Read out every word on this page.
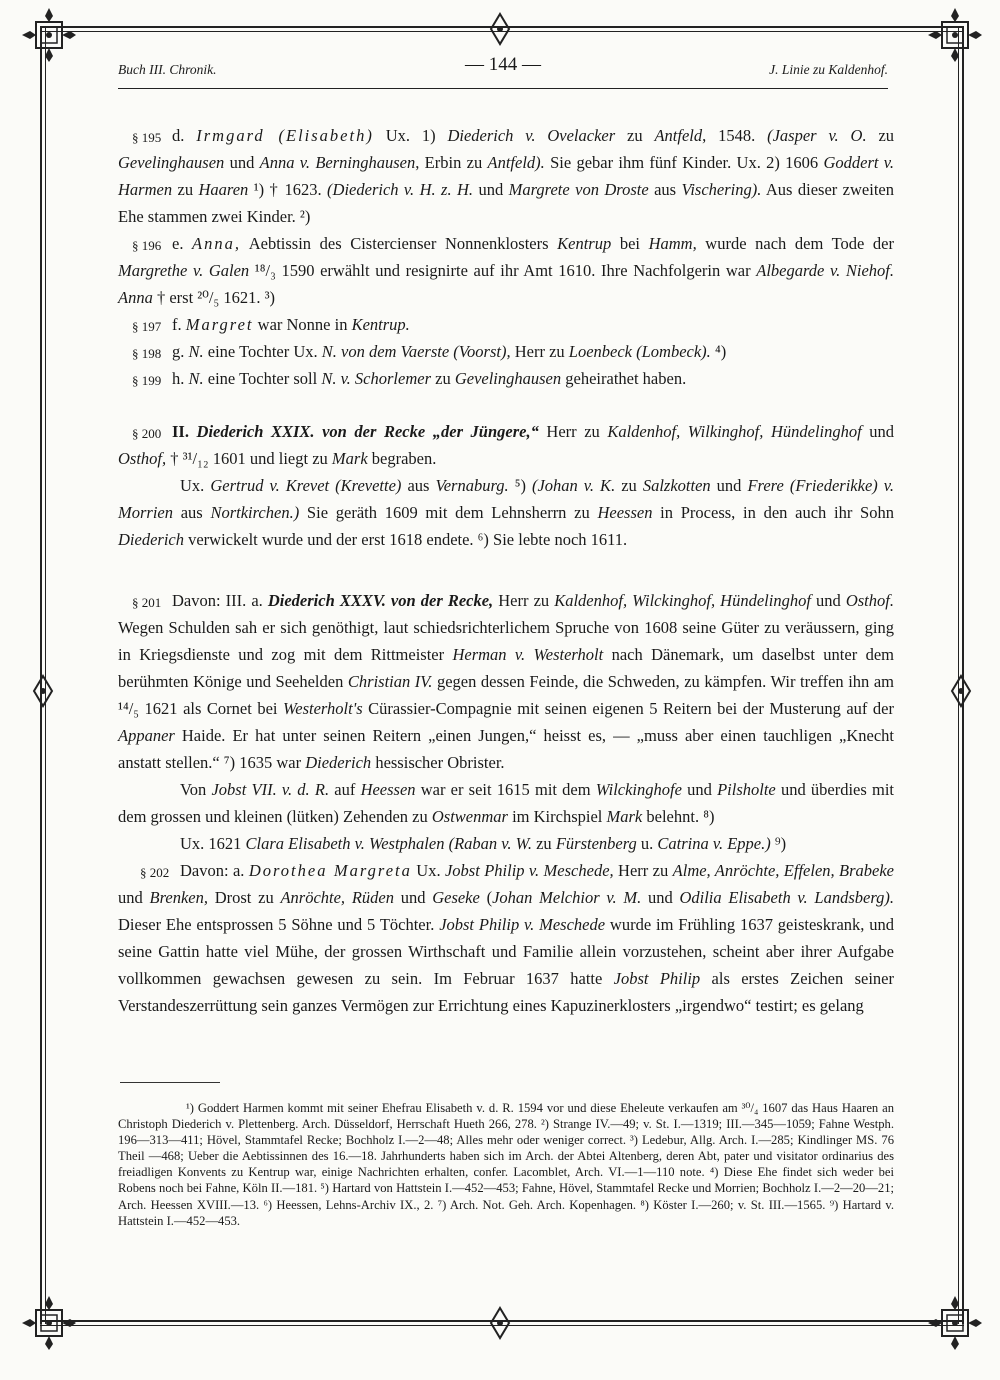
Buch III. Chronik.	— 144 —	J. Linie zu Kaldenhof.

§ 195 d. Irmgard (Elisabeth) Ux. 1) Diederich v. Ovelacker zu Antfeld, 1548. (Jasper v. O. zu Gevelinghausen und Anna v. Berninghausen, Erbin zu Antfeld). Sie gebar ihm fünf Kinder. Ux. 2) 1606 Goddert v. Harmen zu Haaren ¹) † 1623. (Diederich v. H. z. H. und Margrete von Droste aus Vischering). Aus dieser zweiten Ehe stammen zwei Kinder. ²)

§ 196 e. Anna, Aebtissin des Cistercienser Nonnenklosters Kentrup bei Hamm, wurde nach dem Tode der Margrethe v. Galen ¹⁸/₃ 1590 erwählt und resignirte auf ihr Amt 1610. Ihre Nachfolgerin war Albegarde v. Niehof. Anna † erst ²⁰/₅ 1621. ³)

§ 197 f. Margret war Nonne in Kentrup.

§ 198 g. N. eine Tochter Ux. N. von dem Vaerste (Voorst), Herr zu Loenbeck (Lombeck). ⁴)

§ 199 h. N. eine Tochter soll N. v. Schorlemer zu Gevelinghausen geheirathet haben.

§ 200 II. Diederich XXIX. von der Recke „der Jüngere,“ Herr zu Kaldenhof, Wilkinghof, Hündelinghof und Osthof, † ³¹/₁₂ 1601 und liegt zu Mark begraben.

Ux. Gertrud v. Krevet (Krevette) aus Vernaburg. ⁵) (Johan v. K. zu Salzkotten und Frere (Friederikke) v. Morrien aus Nortkirchen.) Sie geräth 1609 mit dem Lehnsherrn zu Heessen in Process, in den auch ihr Sohn Diederich verwickelt wurde und der erst 1618 endete. ⁶) Sie lebte noch 1611.

§ 201 Davon: III. a. Diederich XXXV. von der Recke, Herr zu Kaldenhof, Wilckinghof, Hündelinghof und Osthof. Wegen Schulden sah er sich genöthigt, laut schiedsrichterlichem Spruche von 1608 seine Güter zu veräussern, ging in Kriegsdienste und zog mit dem Rittmeister Herman v. Westerholt nach Dänemark, um daselbst unter dem berühmten Könige und Seehelden Christian IV. gegen dessen Feinde, die Schweden, zu kämpfen. Wir treffen ihn am ¹⁴/₅ 1621 als Cornet bei Westerholt's Cürassier-Compagnie mit seinen eigenen 5 Reitern bei der Musterung auf der Appaner Haide. Er hat unter seinen Reitern „einen Jungen,“ heisst es, — „muss aber einen tauchligen „Knecht anstatt stellen.“ ⁷) 1635 war Diederich hessischer Obrister.

Von Jobst VII. v. d. R. auf Heessen war er seit 1615 mit dem Wilckinghofe und Pilsholte und überdies mit dem grossen und kleinen (lütken) Zehenden zu Ostwenmar im Kirchspiel Mark belehnt. ⁸)

Ux. 1621 Clara Elisabeth v. Westphalen (Raban v. W. zu Fürstenberg u. Catrina v. Eppe.) ⁹)

§ 202 Davon: a. Dorothea Margreta Ux. Jobst Philip v. Meschede, Herr zu Alme, Anröchte, Effelen, Brabeke und Brenken, Drost zu Anröchte, Rüden und Geseke (Johan Melchior v. M. und Odilia Elisabeth v. Landsberg). Dieser Ehe entsprossen 5 Söhne und 5 Töchter. Jobst Philip v. Meschede wurde im Frühling 1637 geisteskrank, und seine Gattin hatte viel Mühe, der grossen Wirthschaft und Familie allein vorzustehen, scheint aber ihrer Aufgabe vollkommen gewachsen gewesen zu sein. Im Februar 1637 hatte Jobst Philip als erstes Zeichen seiner Verstandeszerrüttung sein ganzes Vermögen zur Errichtung eines Kapuzinerklosters „irgendwo“ testirt; es gelang

¹) Goddert Harmen kommt mit seiner Ehefrau Elisabeth v. d. R. 1594 vor und diese Eheleute verkaufen am ³⁰/₄ 1607 das Haus Haaren an Christoph Diederich v. Plettenberg. Arch. Düsseldorf, Herrschaft Hueth 266, 278. ²) Strange IV.—49; v. St. I.—1319; III.—345—1059; Fahne Westph. 196—313—411; Hövel, Stammtafel Recke; Bochholz I.—2—48; Alles mehr oder weniger correct. ³) Ledebur, Allg. Arch. I.—285; Kindlinger MS. 76 Theil —468; Ueber die Aebtissinnen des 16.—18. Jahrhunderts haben sich im Arch. der Abtei Altenberg, deren Abt, pater und visitator ordinarius des freiadligen Konvents zu Kentrup war, einige Nachrichten erhalten, confer. Lacomblet, Arch. VI.—1—110 note. ⁴) Diese Ehe findet sich weder bei Robens noch bei Fahne, Köln II.—181. ⁵) Hartard von Hattstein I.—452—453; Fahne, Hövel, Stammtafel Recke und Morrien; Bochholz I.—2—20—21; Arch. Heessen XVIII.—13. ⁶) Heessen, Lehns-Archiv IX., 2. ⁷) Arch. Not. Geh. Arch. Kopenhagen. ⁸) Köster I.—260; v. St. III.—1565. ⁹) Hartard v. Hattstein I.—452—453.
